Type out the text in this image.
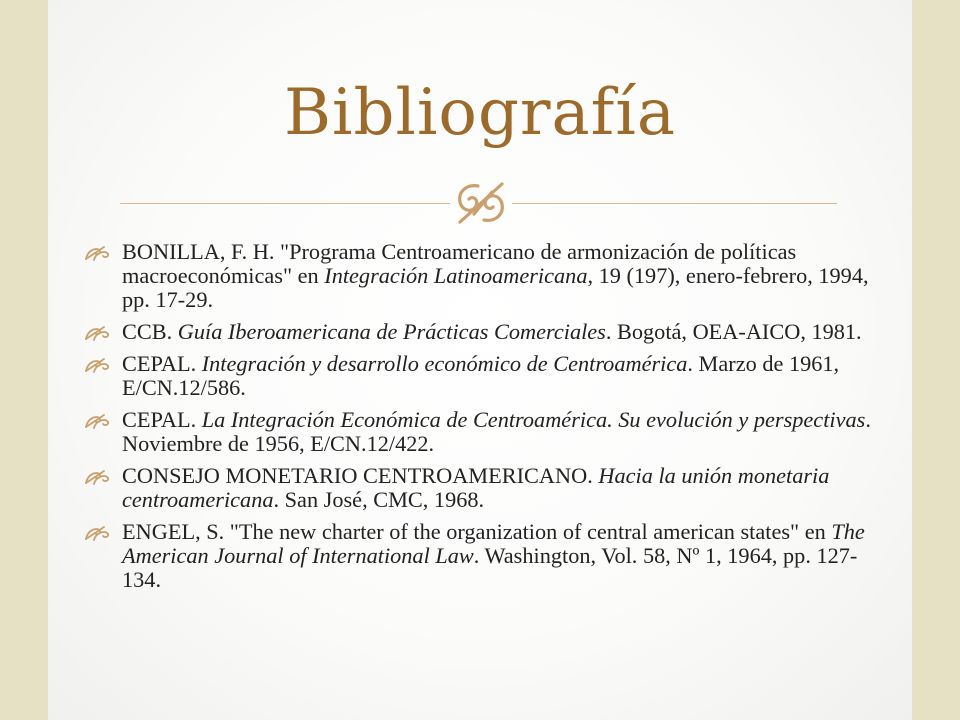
Bibliografía
BONILLA, F. H. "Programa Centroamericano de armonización de políticas macroeconómicas" en Integración Latinoamericana, 19 (197), enero-febrero, 1994, pp. 17-29.
CCB. Guía Iberoamericana de Prácticas Comerciales. Bogotá, OEA-AICO, 1981.
CEPAL. Integración y desarrollo económico de Centroamérica. Marzo de 1961, E/CN.12/586.
CEPAL. La Integración Económica de Centroamérica. Su evolución y perspectivas. Noviembre de 1956, E/CN.12/422.
CONSEJO MONETARIO CENTROAMERICANO. Hacia la unión monetaria centroamericana. San José, CMC, 1968.
ENGEL, S. "The new charter of the organization of central american states" en The American Journal of International Law. Washington, Vol. 58, Nº 1, 1964, pp. 127-134.
